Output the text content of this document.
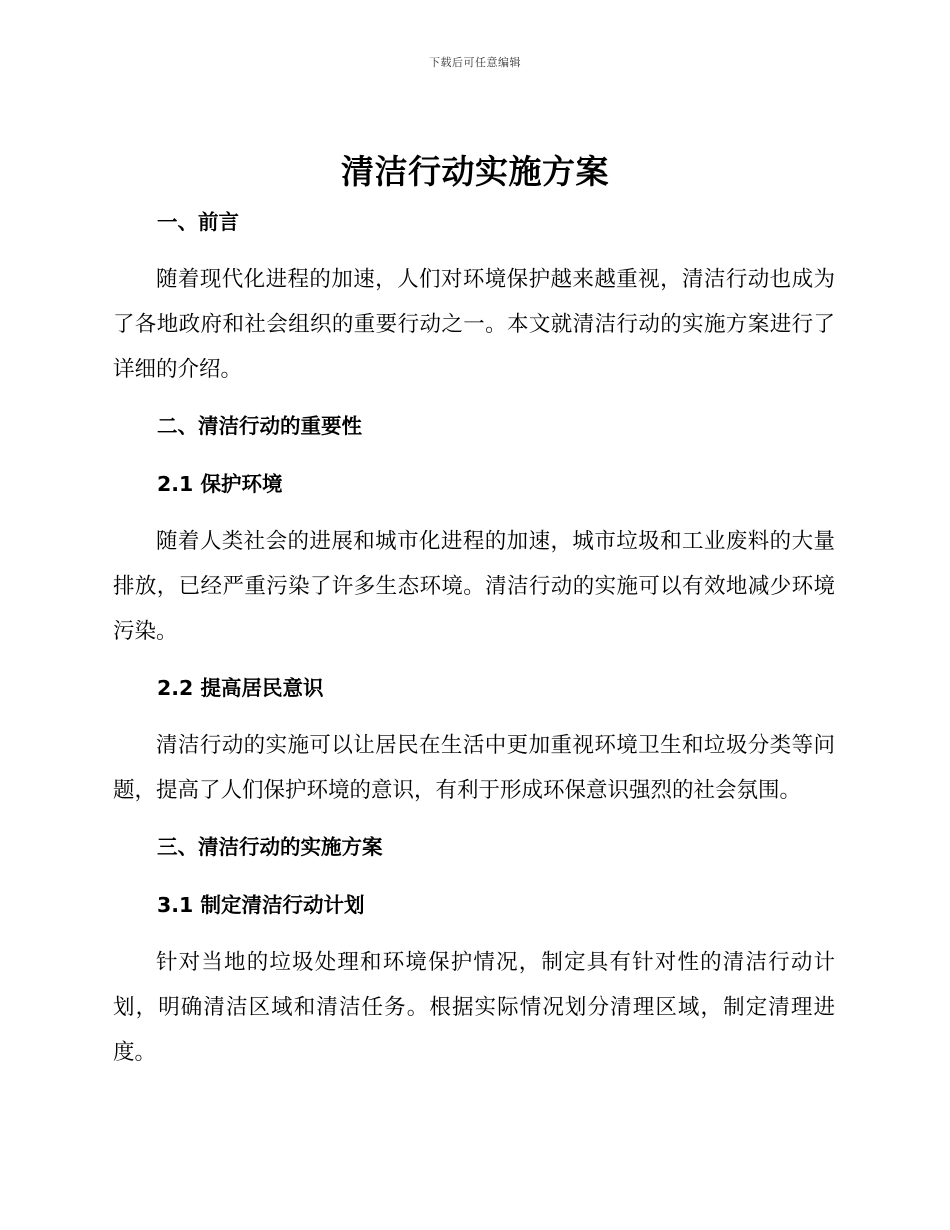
下载后可任意编辑
清洁行动实施方案
一、前言

随着现代化进程的加速，人们对环境保护越来越重视，清洁行动也成为了各地政府和社会组织的重要行动之一。本文就清洁行动的实施方案进行了详细的介绍。

二、清洁行动的重要性
2.1 保护环境

随着人类社会的进展和城市化进程的加速，城市垃圾和工业废料的大量排放，已经严重污染了许多生态环境。清洁行动的实施可以有效地减少环境污染。

2.2 提高居民意识

清洁行动的实施可以让居民在生活中更加重视环境卫生和垃圾分类等问题，提高了人们保护环境的意识，有利于形成环保意识强烈的社会氛围。

三、清洁行动的实施方案
3.1 制定清洁行动计划

针对当地的垃圾处理和环境保护情况，制定具有针对性的清洁行动计划，明确清洁区域和清洁任务。根据实际情况划分清理区域，制定清理进度。
